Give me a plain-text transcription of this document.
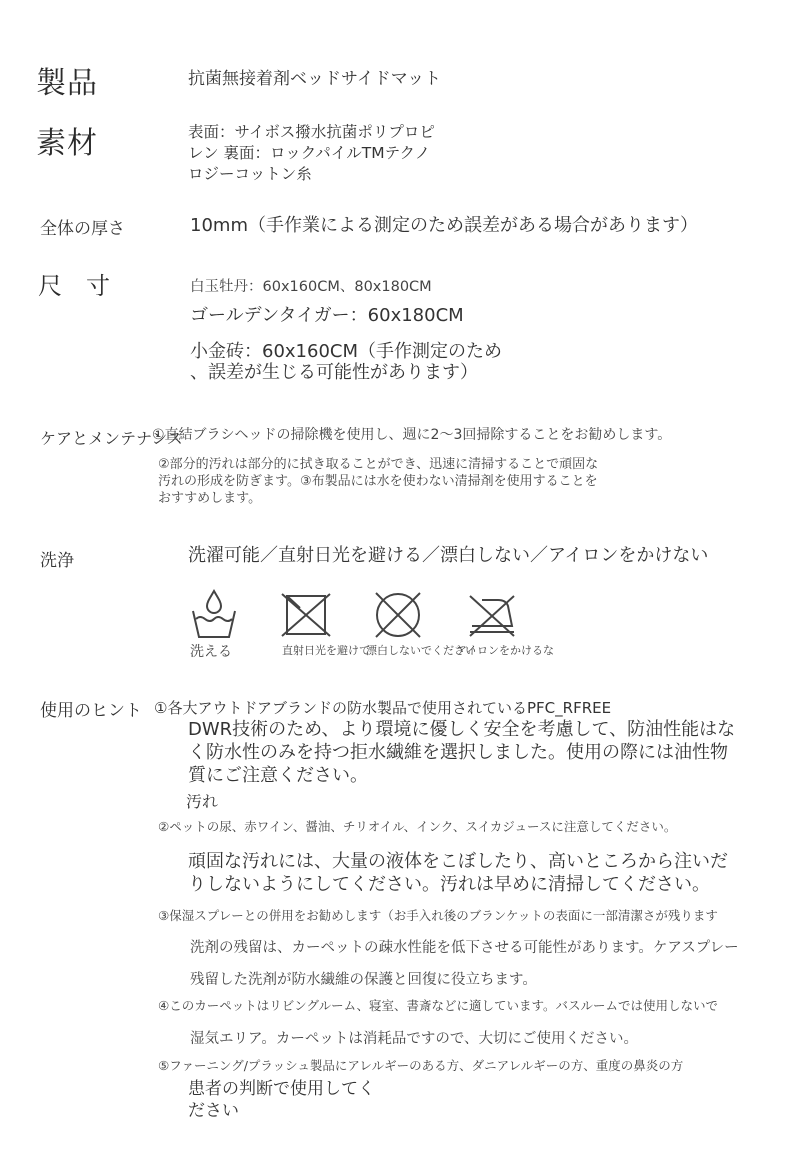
製品	抗菌無接着剤ベッドサイドマット
素材	表面：サイボス撥水抗菌ポリプロピ
レン 裏面：ロックパイルTMテクノ
ロジーコットン糸
全体の厚さ	10mm（手作業による測定のため誤差がある場合があります）
尺　寸	白玉牡丹：60x160CM、80x180CM
ゴールデンタイガー：60x180CM
小金砖：60x160CM（手作測定のため
、誤差が生じる可能性があります）
ケアとメンテナンス
①直結ブラシヘッドの掃除機を使用し、週に2〜3回掃除することをお勧めします。
②部分的汚れは部分的に拭き取ることができ、迅速に清掃することで頑固な
汚れの形成を防ぎます。③布製品には水を使わない清掃剤を使用することを
おすすめします。
洗浄	洗濯可能／直射日光を避ける／漂白しない／アイロンをかけない
洗える	直射日光を避けて
漂白しないでください
アイロンをかけるな
使用のヒント ①各大アウトドアブランドの防水製品で使用されているPFC_RFREE
DWR技術のため、より環境に優しく安全を考慮して、防油性能はな
く防水性のみを持つ拒水繊維を選択しました。使用の際には油性物
質にご注意ください。
汚れ
②ペットの尿、赤ワイン、醤油、チリオイル、インク、スイカジュースに注意してください。
頑固な汚れには、大量の液体をこぼしたり、高いところから注いだ
りしないようにしてください。汚れは早めに清掃してください。
③保湿スプレーとの併用をお勧めします（お手入れ後のブランケットの表面に一部清潔さが残ります
洗剤の残留は、カーペットの疎水性能を低下させる可能性があります。ケアスプレー
残留した洗剤が防水繊維の保護と回復に役立ちます。
④このカーペットはリビングルーム、寝室、書斎などに適しています。バスルームでは使用しないで
湿気エリア。カーペットは消耗品ですので、大切にご使用ください。
⑤ファーニング/プラッシュ製品にアレルギーのある方、ダニアレルギーの方、重度の鼻炎の方
患者の判断で使用してく
ださい
